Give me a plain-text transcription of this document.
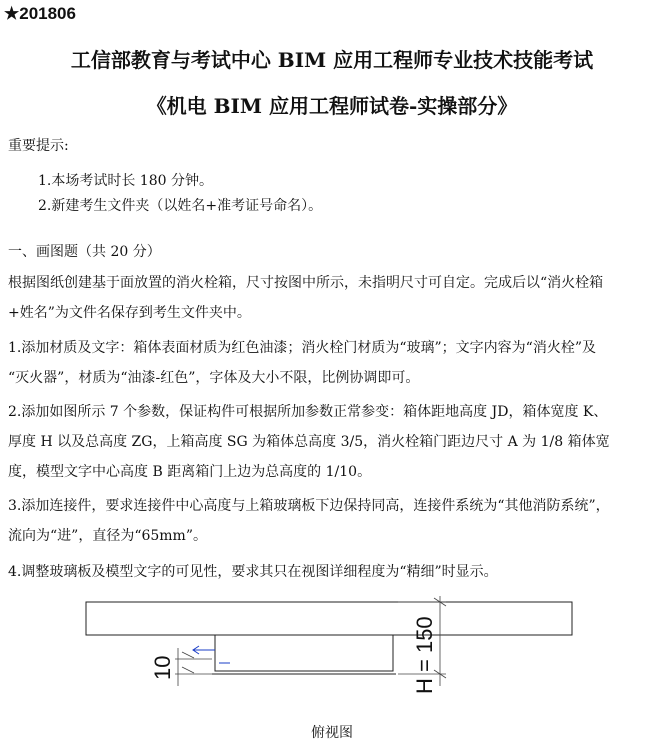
★201806
工信部教育与考试中心 BIM 应用工程师专业技术技能考试
《机电 BIM 应用工程师试卷-实操部分》
重要提示:
1.本场考试时长 180 分钟。
2.新建考生文件夹（以姓名+准考证号命名）。
一、画图题（共 20 分）
根据图纸创建基于面放置的消火栓箱，尺寸按图中所示，未指明尺寸可自定。完成后以“消火栓箱
+姓名”为文件名保存到考生文件夹中。
1.添加材质及文字：箱体表面材质为红色油漆；消火栓门材质为“玻璃”；文字内容为“消火栓”及
“灭火器”，材质为“油漆-红色”，字体及大小不限，比例协调即可。
2.添加如图所示 7 个参数，保证构件可根据所加参数正常参变：箱体距地高度 JD，箱体宽度 K、
厚度 H 以及总高度 ZG，上箱高度 SG 为箱体总高度 3/5，消火栓箱门距边尺寸 A 为 1/8 箱体宽
度，模型文字中心高度 B 距离箱门上边为总高度的 1/10。
3.添加连接件，要求连接件中心高度与上箱玻璃板下边保持同高，连接件系统为“其他消防系统”，
流向为“进”，直径为“65mm”。
4.调整玻璃板及模型文字的可见性，要求其只在视图详细程度为“精细”时显示。
10	H = 150
俯视图
